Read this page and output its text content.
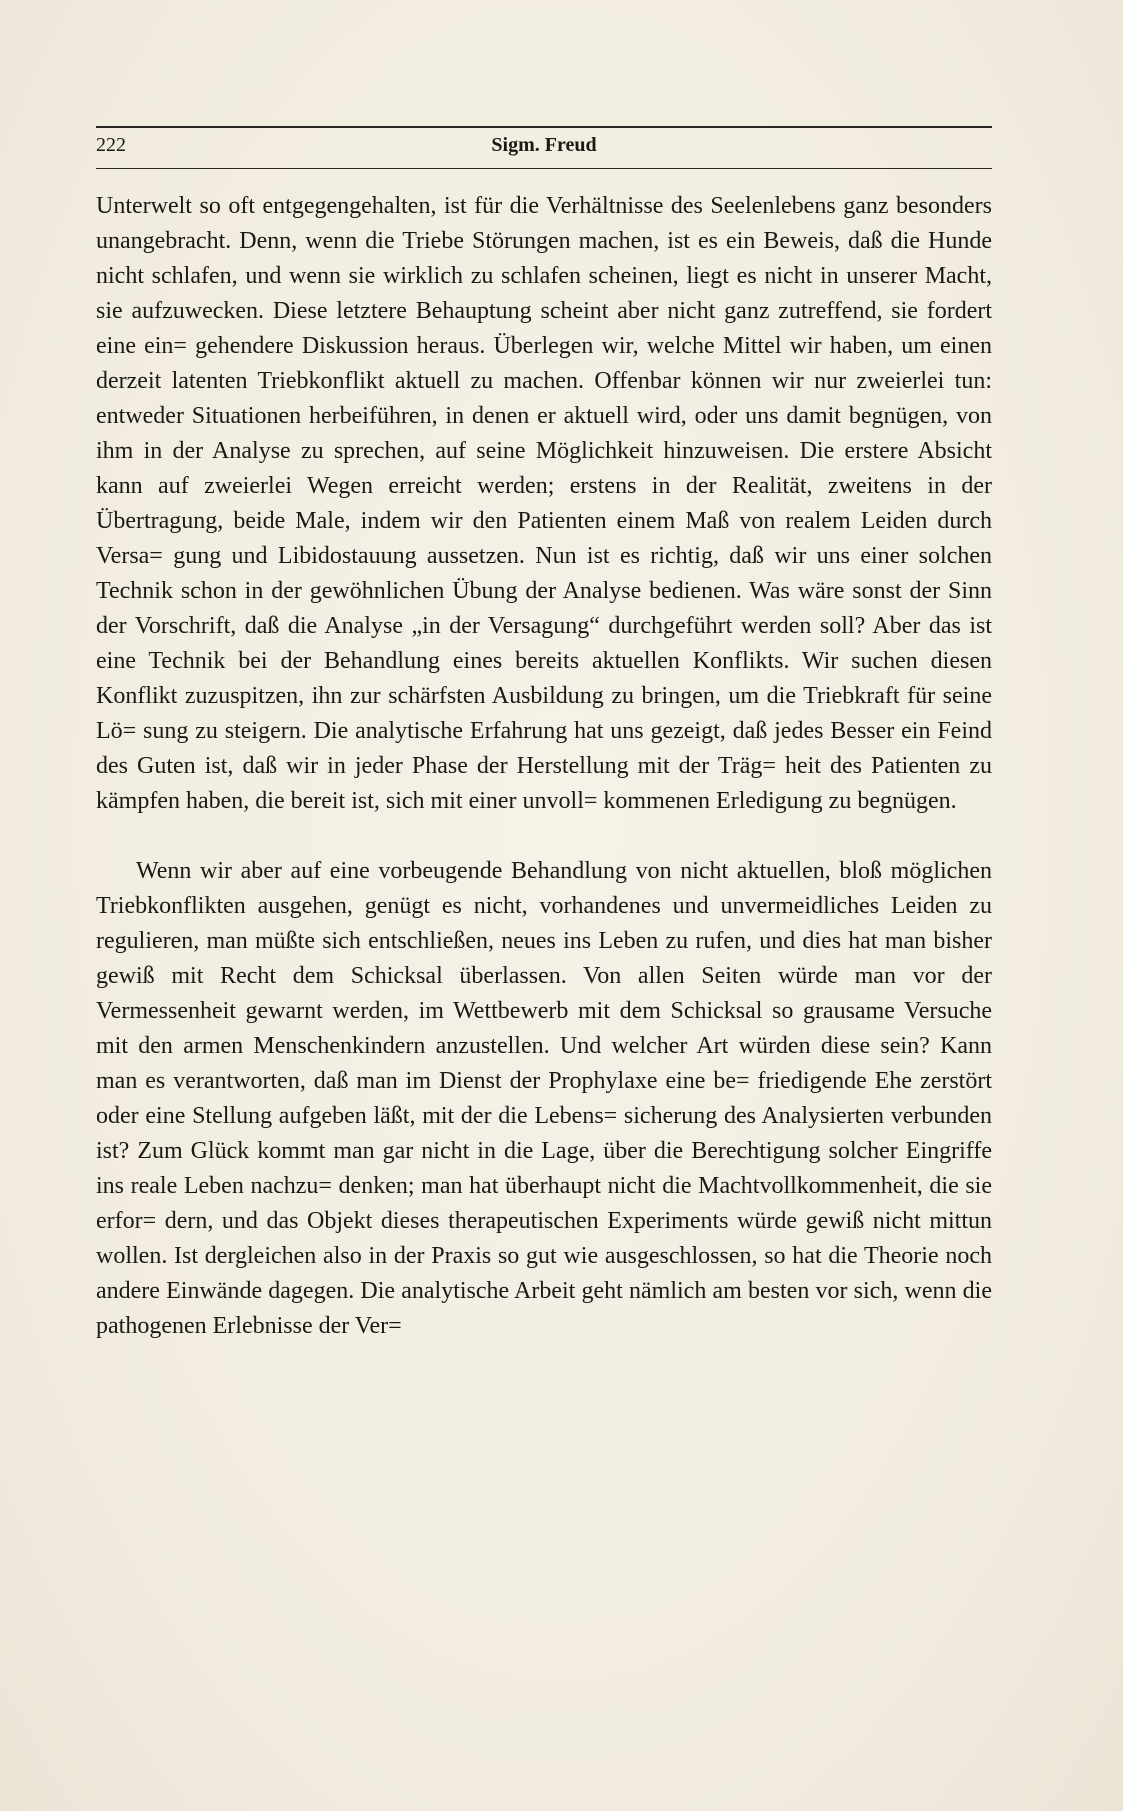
222	Sigm. Freud

Unterwelt so oft entgegengehalten, ist für die Verhältnisse des Seelenlebens ganz besonders unangebracht. Denn, wenn die Triebe Störungen machen, ist es ein Beweis, daß die Hunde nicht schlafen, und wenn sie wirklich zu schlafen scheinen, liegt es nicht in unserer Macht, sie aufzuwecken. Diese letztere Behauptung scheint aber nicht ganz zutreffend, sie fordert eine ein= gehendere Diskussion heraus. Überlegen wir, welche Mittel wir haben, um einen derzeit latenten Triebkonflikt aktuell zu machen. Offenbar können wir nur zweierlei tun: entweder Situationen herbeiführen, in denen er aktuell wird, oder uns damit begnügen, von ihm in der Analyse zu sprechen, auf seine Möglichkeit hinzuweisen. Die erstere Absicht kann auf zweierlei Wegen erreicht werden; erstens in der Realität, zweitens in der Übertragung, beide Male, indem wir den Patienten einem Maß von realem Leiden durch Versa= gung und Libidostauung aussetzen. Nun ist es richtig, daß wir uns einer solchen Technik schon in der gewöhnlichen Übung der Analyse bedienen. Was wäre sonst der Sinn der Vorschrift, daß die Analyse „in der Versagung“ durchgeführt werden soll? Aber das ist eine Technik bei der Behandlung eines bereits aktuellen Konflikts. Wir suchen diesen Konflikt zuzuspitzen, ihn zur schärfsten Ausbildung zu bringen, um die Triebkraft für seine Lö= sung zu steigern. Die analytische Erfahrung hat uns gezeigt, daß jedes Besser ein Feind des Guten ist, daß wir in jeder Phase der Herstellung mit der Träg= heit des Patienten zu kämpfen haben, die bereit ist, sich mit einer unvoll= kommenen Erledigung zu begnügen.

Wenn wir aber auf eine vorbeugende Behandlung von nicht aktuellen, bloß möglichen Triebkonflikten ausgehen, genügt es nicht, vorhandenes und unvermeidliches Leiden zu regulieren, man müßte sich entschließen, neues ins Leben zu rufen, und dies hat man bisher gewiß mit Recht dem Schicksal überlassen. Von allen Seiten würde man vor der Vermessenheit gewarnt werden, im Wettbewerb mit dem Schicksal so grausame Versuche mit den armen Menschenkindern anzustellen. Und welcher Art würden diese sein? Kann man es verantworten, daß man im Dienst der Prophylaxe eine be= friedigende Ehe zerstört oder eine Stellung aufgeben läßt, mit der die Lebens= sicherung des Analysierten verbunden ist? Zum Glück kommt man gar nicht in die Lage, über die Berechtigung solcher Eingriffe ins reale Leben nachzu= denken; man hat überhaupt nicht die Machtvollkommenheit, die sie erfor= dern, und das Objekt dieses therapeutischen Experiments würde gewiß nicht mittun wollen. Ist dergleichen also in der Praxis so gut wie ausgeschlossen, so hat die Theorie noch andere Einwände dagegen. Die analytische Arbeit geht nämlich am besten vor sich, wenn die pathogenen Erlebnisse der Ver=
